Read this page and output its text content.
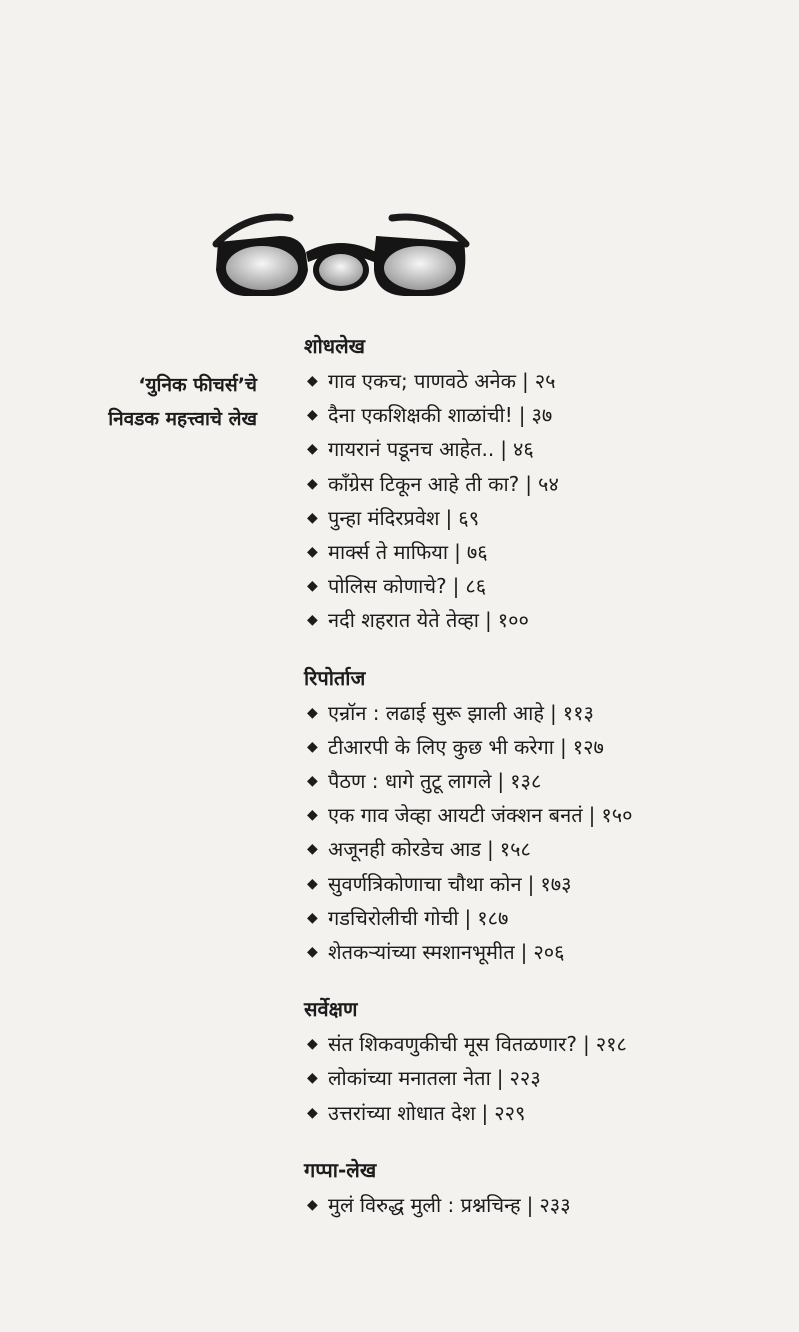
‘युनिक फीचर्स’चे
निवडक महत्त्वाचे लेख
शोधलेख
◆ गाव एकच; पाणवठे अनेक | २५
◆ दैना एकशिक्षकी शाळांची! | ३७
◆ गायरानं पडूनच आहेत.. | ४६
◆ काँग्रेस टिकून आहे ती का? | ५४
◆ पुन्हा मंदिरप्रवेश | ६९
◆ मार्क्स ते माफिया | ७६
◆ पोलिस कोणाचे? | ८६
◆ नदी शहरात येते तेव्हा | १००
रिपोर्ताज
◆ एन्रॉन : लढाई सुरू झाली आहे | ११३
◆ टीआरपी के लिए कुछ भी करेगा | १२७
◆ पैठण : धागे तुटू लागले | १३८
◆ एक गाव जेव्हा आयटी जंक्शन बनतं | १५०
◆ अजूनही कोरडेच आड | १५८
◆ सुवर्णत्रिकोणाचा चौथा कोन | १७३
◆ गडचिरोलीची गोची | १८७
◆ शेतकऱ्यांच्या स्मशानभूमीत | २०६
सर्वेक्षण
◆ संत शिकवणुकीची मूस वितळणार? | २१८
◆ लोकांच्या मनातला नेता | २२३
◆ उत्तरांच्या शोधात देश | २२९
गप्पा-लेख
◆ मुलं विरुद्ध मुली : प्रश्नचिन्ह | २३३
